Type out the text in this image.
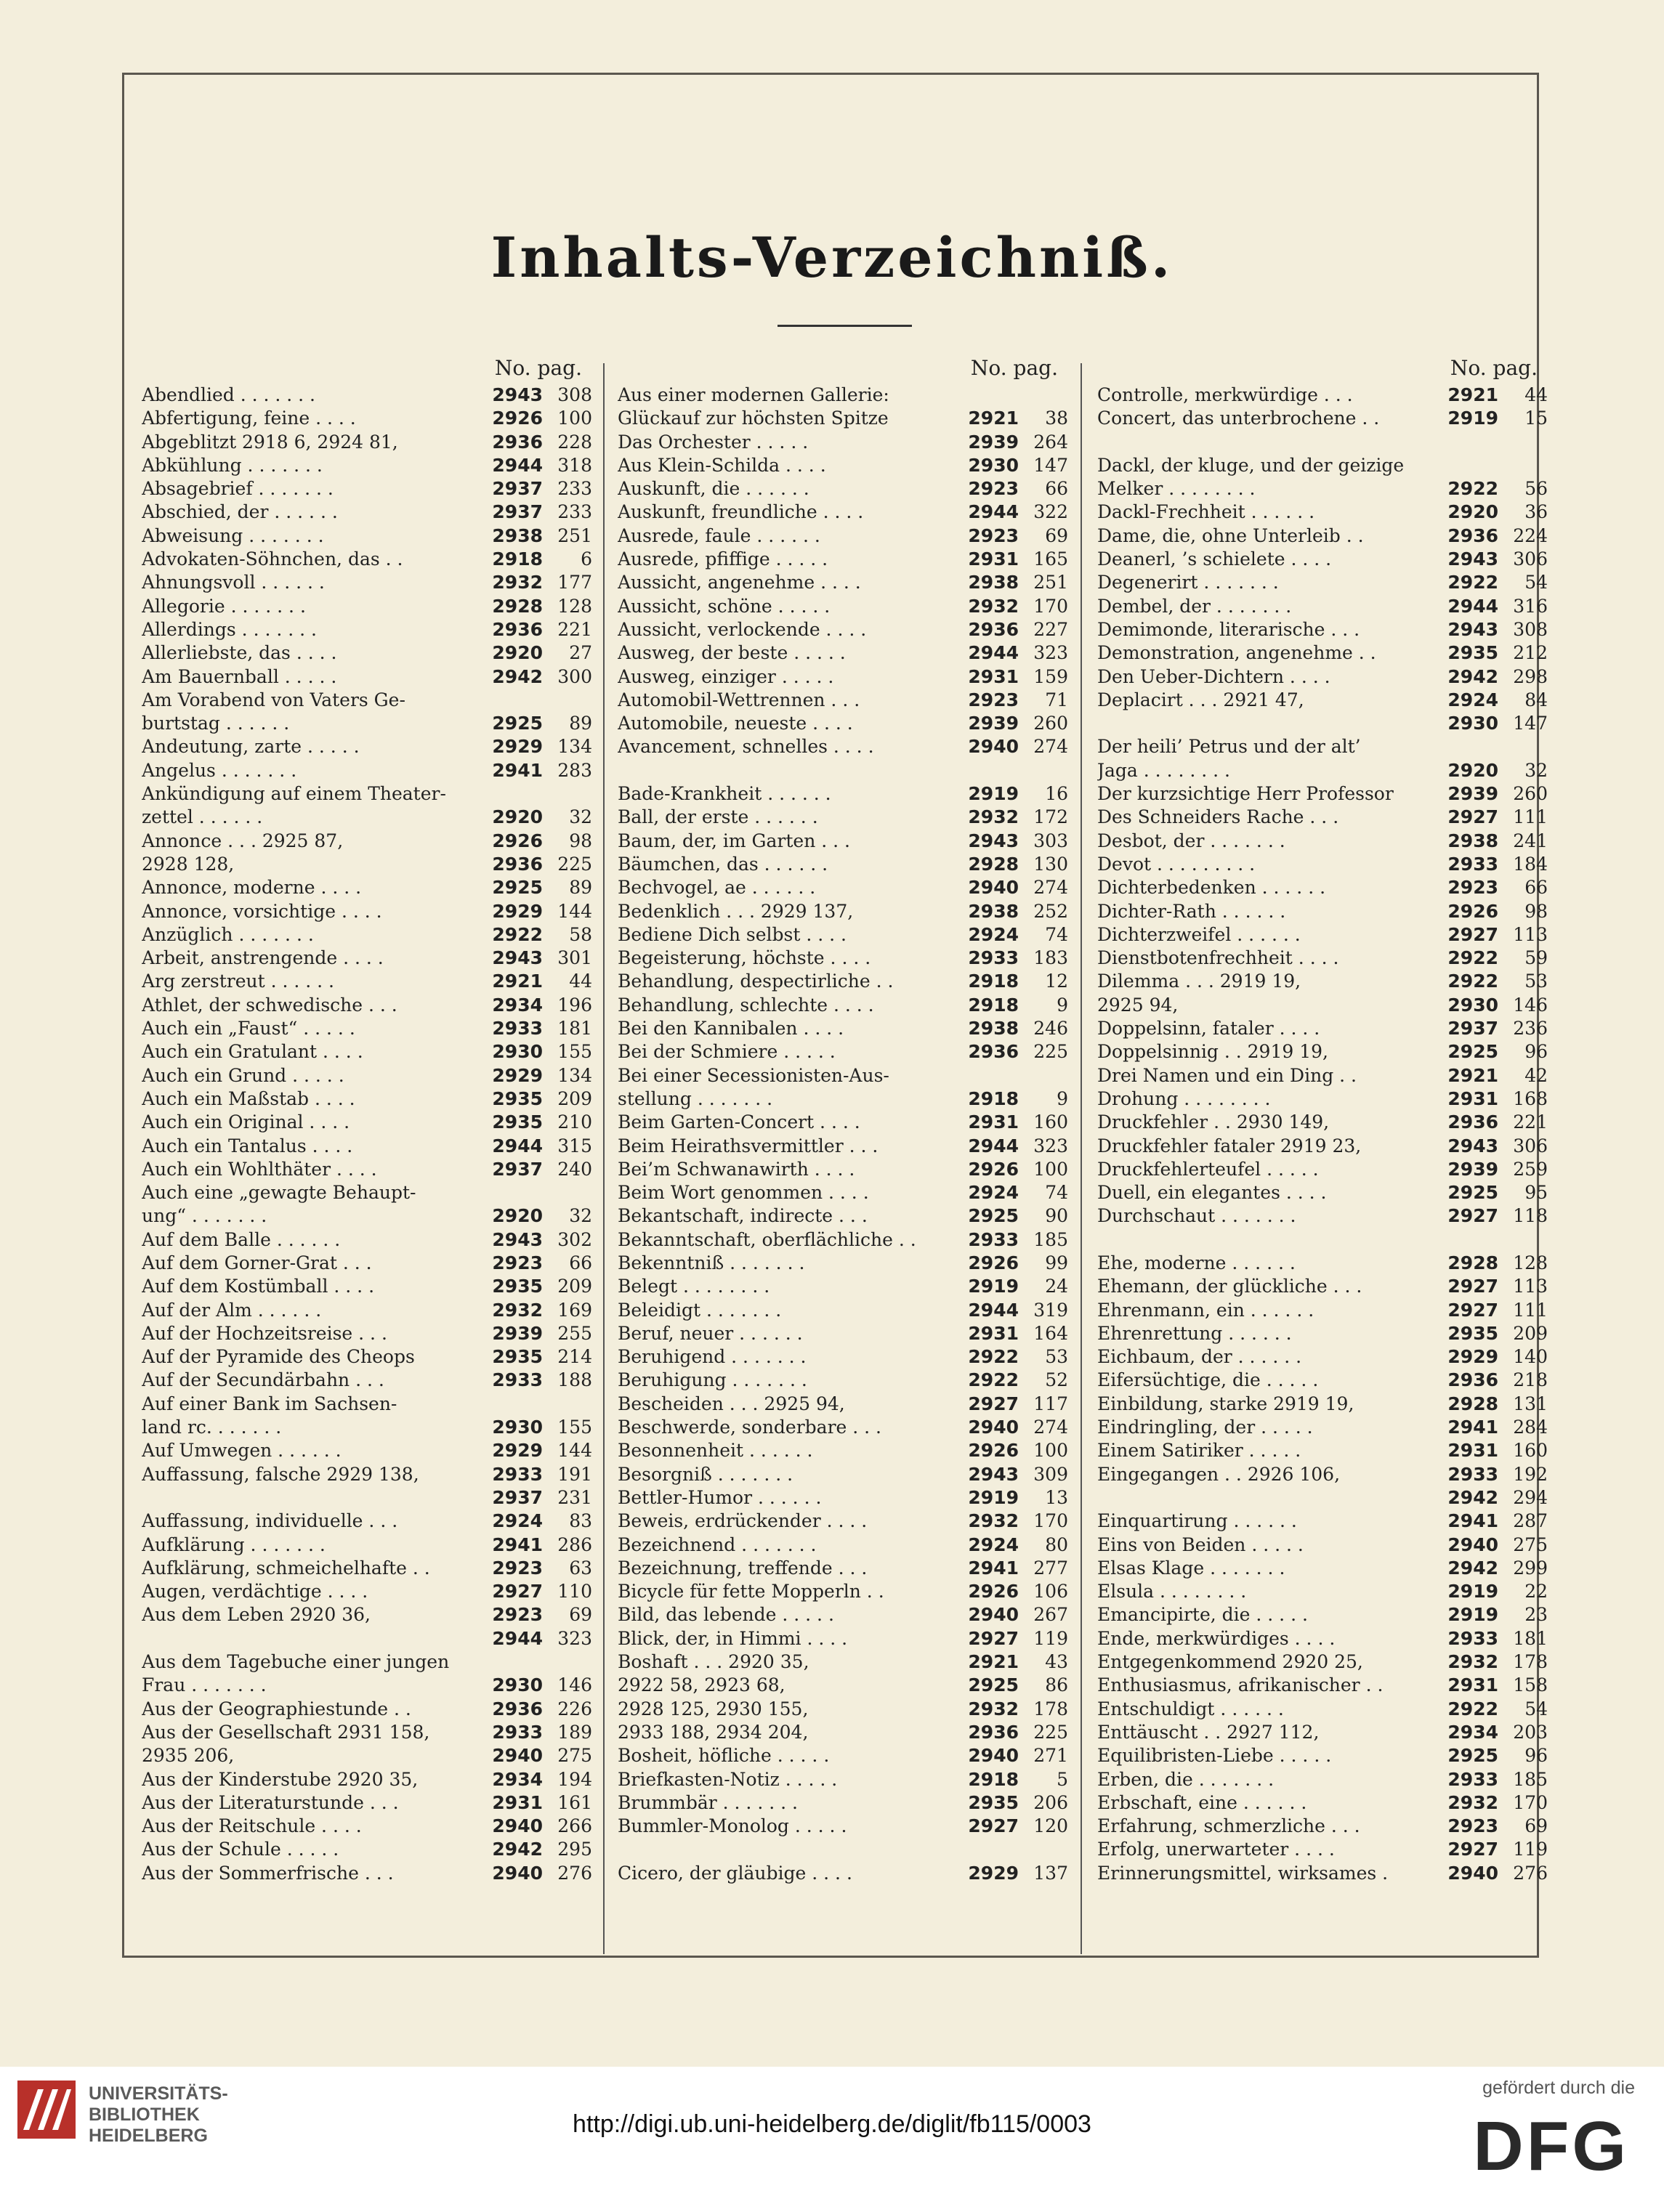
Inhalts-Verzeichniß.
No. pag.
Abendlied . . . . . . .	2943 308
Abfertigung, feine . . . .	2926 100
Abgeblitzt 2918 6, 2924 81,	2936 228
Abkühlung . . . . . . .	2944 318
Absagebrief . . . . . . .	2937 233
Abschied, der . . . . . .	2937 233
Abweisung . . . . . . .	2938 251
Advokaten-Söhnchen, das . .	2918	6
Ahnungsvoll . . . . . .	2932 177
Allegorie . . . . . . .	2928 128
Allerdings . . . . . . .	2936 221
Allerliebste, das . . . .	2920	27
Am Bauernball . . . . .	2942 300
Am Vorabend von Vaters Ge-
burtstag . . . . . .	2925	89
Andeutung, zarte . . . . .	2929 134
Angelus . . . . . . .	2941 283
Ankündigung auf einem Theater-
zettel . . . . . .	2920	32
Annonce . . . 2925 87,	2926	98
2928 128,	2936 225
Annonce, moderne . . . .	2925	89
Annonce, vorsichtige . . . .	2929 144
Anzüglich . . . . . . .	2922	58
Arbeit, anstrengende . . . .	2943 301
Arg zerstreut . . . . . .	2921	44
Athlet, der schwedische . . .	2934 196
Auch ein „Faust“ . . . . .	2933 181
Auch ein Gratulant . . . .	2930 155
Auch ein Grund . . . . .	2929 134
Auch ein Maßstab . . . .	2935 209
Auch ein Original . . . .	2935 210
Auch ein Tantalus . . . .	2944 315
Auch ein Wohlthäter . . . .	2937 240
Auch eine „gewagte Behaupt-
ung“ . . . . . . .	2920	32
Auf dem Balle . . . . . .	2943 302
Auf dem Gorner-Grat . . .	2923	66
Auf dem Kostümball . . . .	2935 209
Auf der Alm . . . . . .	2932 169
Auf der Hochzeitsreise . . .	2939 255
Auf der Pyramide des Cheops	2935 214
Auf der Secundärbahn . . .	2933 188
Auf einer Bank im Sachsen-
land rc. . . . . . .	2930 155
Auf Umwegen . . . . . .	2929 144
Auffassung, falsche 2929 138,	2933 191
2937 231
Auffassung, individuelle . . .	2924	83
Aufklärung . . . . . . .	2941 286
Aufklärung, schmeichelhafte . .	2923	63
Augen, verdächtige . . . .	2927 110
Aus dem Leben 2920 36,	2923	69
2944 323
Aus dem Tagebuche einer jungen
Frau . . . . . . .	2930 146
Aus der Geographiestunde . .	2936 226
Aus der Gesellschaft 2931 158,	2933 189
2935 206,	2940 275
Aus der Kinderstube 2920 35,	2934 194
Aus der Literaturstunde . . .	2931 161
Aus der Reitschule . . . .	2940 266
Aus der Schule . . . . .	2942 295
Aus der Sommerfrische . . .	2940 276
No. pag.
Aus einer modernen Gallerie:
Glückauf zur höchsten Spitze	2921	38
Das Orchester . . . . .	2939 264
Aus Klein-Schilda . . . .	2930 147
Auskunft, die . . . . . .	2923	66
Auskunft, freundliche . . . .	2944 322
Ausrede, faule . . . . . .	2923	69
Ausrede, pfiffige . . . . .	2931 165
Aussicht, angenehme . . . .	2938 251
Aussicht, schöne . . . . .	2932 170
Aussicht, verlockende . . . .	2936 227
Ausweg, der beste . . . . .	2944 323
Ausweg, einziger . . . . .	2931 159
Automobil-Wettrennen . . .	2923	71
Automobile, neueste . . . .	2939 260
Avancement, schnelles . . . .	2940 274
Bade-Krankheit . . . . . .	2919	16
Ball, der erste . . . . . .	2932 172
Baum, der, im Garten . . .	2943 303
Bäumchen, das . . . . . .	2928 130
Bechvogel, ae . . . . . .	2940 274
Bedenklich . . . 2929 137,	2938 252
Bediene Dich selbst . . . .	2924	74
Begeisterung, höchste . . . .	2933 183
Behandlung, despectirliche . .	2918	12
Behandlung, schlechte . . . .	2918	9
Bei den Kannibalen . . . .	2938 246
Bei der Schmiere . . . . .	2936 225
Bei einer Secessionisten-Aus-
stellung . . . . . . .	2918	9
Beim Garten-Concert . . . .	2931 160
Beim Heirathsvermittler . . .	2944 323
Bei’m Schwanawirth . . . .	2926 100
Beim Wort genommen . . . .	2924	74
Bekantschaft, indirecte . . .	2925	90
Bekanntschaft, oberflächliche . .	2933 185
Bekenntniß . . . . . . .	2926	99
Belegt . . . . . . . .	2919	24
Beleidigt . . . . . . .	2944 319
Beruf, neuer . . . . . .	2931 164
Beruhigend . . . . . . .	2922	53
Beruhigung . . . . . . .	2922	52
Bescheiden . . . 2925 94,	2927 117
Beschwerde, sonderbare . . .	2940 274
Besonnenheit . . . . . .	2926 100
Besorgniß . . . . . . .	2943 309
Bettler-Humor . . . . . .	2919	13
Beweis, erdrückender . . . .	2932 170
Bezeichnend . . . . . . .	2924	80
Bezeichnung, treffende . . .	2941 277
Bicycle für fette Mopperln . .	2926 106
Bild, das lebende . . . . .	2940 267
Blick, der, in Himmi . . . .	2927 119
Boshaft . . . 2920 35,	2921	43
2922 58, 2923 68,	2925	86
2928 125, 2930 155,	2932 178
2933 188, 2934 204,	2936 225
Bosheit, höfliche . . . . .	2940 271
Briefkasten-Notiz . . . . .	2918	5
Brummbär . . . . . . .	2935 206
Bummler-Monolog . . . . .	2927 120
Cicero, der gläubige . . . .	2929 137
No. pag.
Controlle, merkwürdige . . .	2921	44
Concert, das unterbrochene . .	2919	15
Dackl, der kluge, und der geizige
Melker . . . . . . . .	2922	56
Dackl-Frechheit . . . . . .	2920	36
Dame, die, ohne Unterleib . .	2936 224
Deanerl, ’s schielete . . . .	2943 306
Degenerirt . . . . . . .	2922	54
Dembel, der . . . . . . .	2944 316
Demimonde, literarische . . .	2943 308
Demonstration, angenehme . .	2935 212
Den Ueber-Dichtern . . . .	2942 298
Deplacirt . . . 2921 47,	2924	84
2930 147
Der heili’ Petrus und der alt’
Jaga . . . . . . . .	2920	32
Der kurzsichtige Herr Professor	2939 260
Des Schneiders Rache . . .	2927 111
Desbot, der . . . . . . .	2938 241
Devot . . . . . . . . .	2933 184
Dichterbedenken . . . . . .	2923	66
Dichter-Rath . . . . . .	2926	98
Dichterzweifel . . . . . .	2927 113
Dienstbotenfrechheit . . . .	2922	59
Dilemma . . . 2919 19,	2922	53
2925 94,	2930 146
Doppelsinn, fataler . . . .	2937 236
Doppelsinnig . . 2919 19,	2925	96
Drei Namen und ein Ding . .	2921	42
Drohung . . . . . . . .	2931 168
Druckfehler . . 2930 149,	2936 221
Druckfehler fataler 2919 23,	2943 306
Druckfehlerteufel . . . . .	2939 259
Duell, ein elegantes . . . .	2925	95
Durchschaut . . . . . . .	2927 118
Ehe, moderne . . . . . .	2928 128
Ehemann, der glückliche . . .	2927 113
Ehrenmann, ein . . . . . .	2927 111
Ehrenrettung . . . . . .	2935 209
Eichbaum, der . . . . . .	2929 140
Eifersüchtige, die . . . . .	2936 218
Einbildung, starke 2919 19,	2928 131
Eindringling, der . . . . .	2941 284
Einem Satiriker . . . . .	2931 160
Eingegangen . . 2926 106,	2933 192
2942 294
Einquartirung . . . . . .	2941 287
Eins von Beiden . . . . .	2940 275
Elsas Klage . . . . . . .	2942 299
Elsula . . . . . . . .	2919	22
Emancipirte, die . . . . .	2919	23
Ende, merkwürdiges . . . .	2933 181
Entgegenkommend 2920 25,	2932 178
Enthusiasmus, afrikanischer . .	2931 158
Entschuldigt . . . . . .	2922	54
Enttäuscht . . 2927 112,	2934 203
Equilibristen-Liebe . . . . .	2925	96
Erben, die . . . . . . .	2933 185
Erbschaft, eine . . . . . .	2932 170
Erfahrung, schmerzliche . . .	2923	69
Erfolg, unerwarteter . . . .	2927 119
Erinnerungsmittel, wirksames .	2940 276
UNIVERSITÄTS-
BIBLIOTHEK
HEIDELBERG	http://digi.ub.uni-heidelberg.de/diglit/fb115/0003
gefördert durch die
DFG
